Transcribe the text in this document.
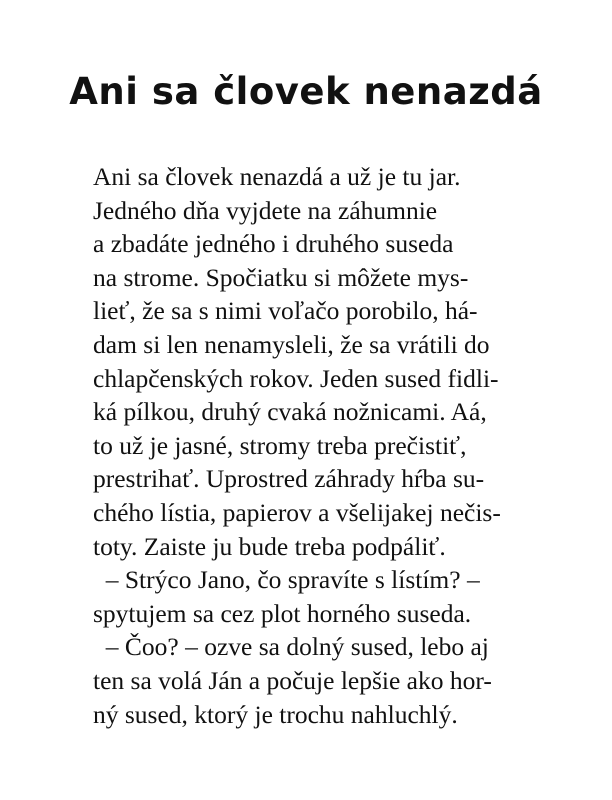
Ani sa človek nenazdá
Ani sa človek nenazdá a už je tu jar.
Jedného dňa vyjdete na záhumnie
a zbadáte jedného i druhého suseda
na strome. Spočiatku si môžete mys-
lieť, že sa s nimi voľačo porobilo, há-
dam si len nenamysleli, že sa vrátili do
chlapčenských rokov. Jeden sused fidli-
ká pílkou, druhý cvaká nožnicami. Aá,
to už je jasné, stromy treba prečistiť,
prestrihať. Uprostred záhrady hŕba su-
chého lístia, papierov a všelijakej nečis-
toty. Zaiste ju bude treba podpáliť.
– Strýco Jano, čo spravíte s lístím? –
spytujem sa cez plot horného suseda.
– Čoo? – ozve sa dolný sused, lebo aj
ten sa volá Ján a počuje lepšie ako hor-
ný sused, ktorý je trochu nahluchlý.
